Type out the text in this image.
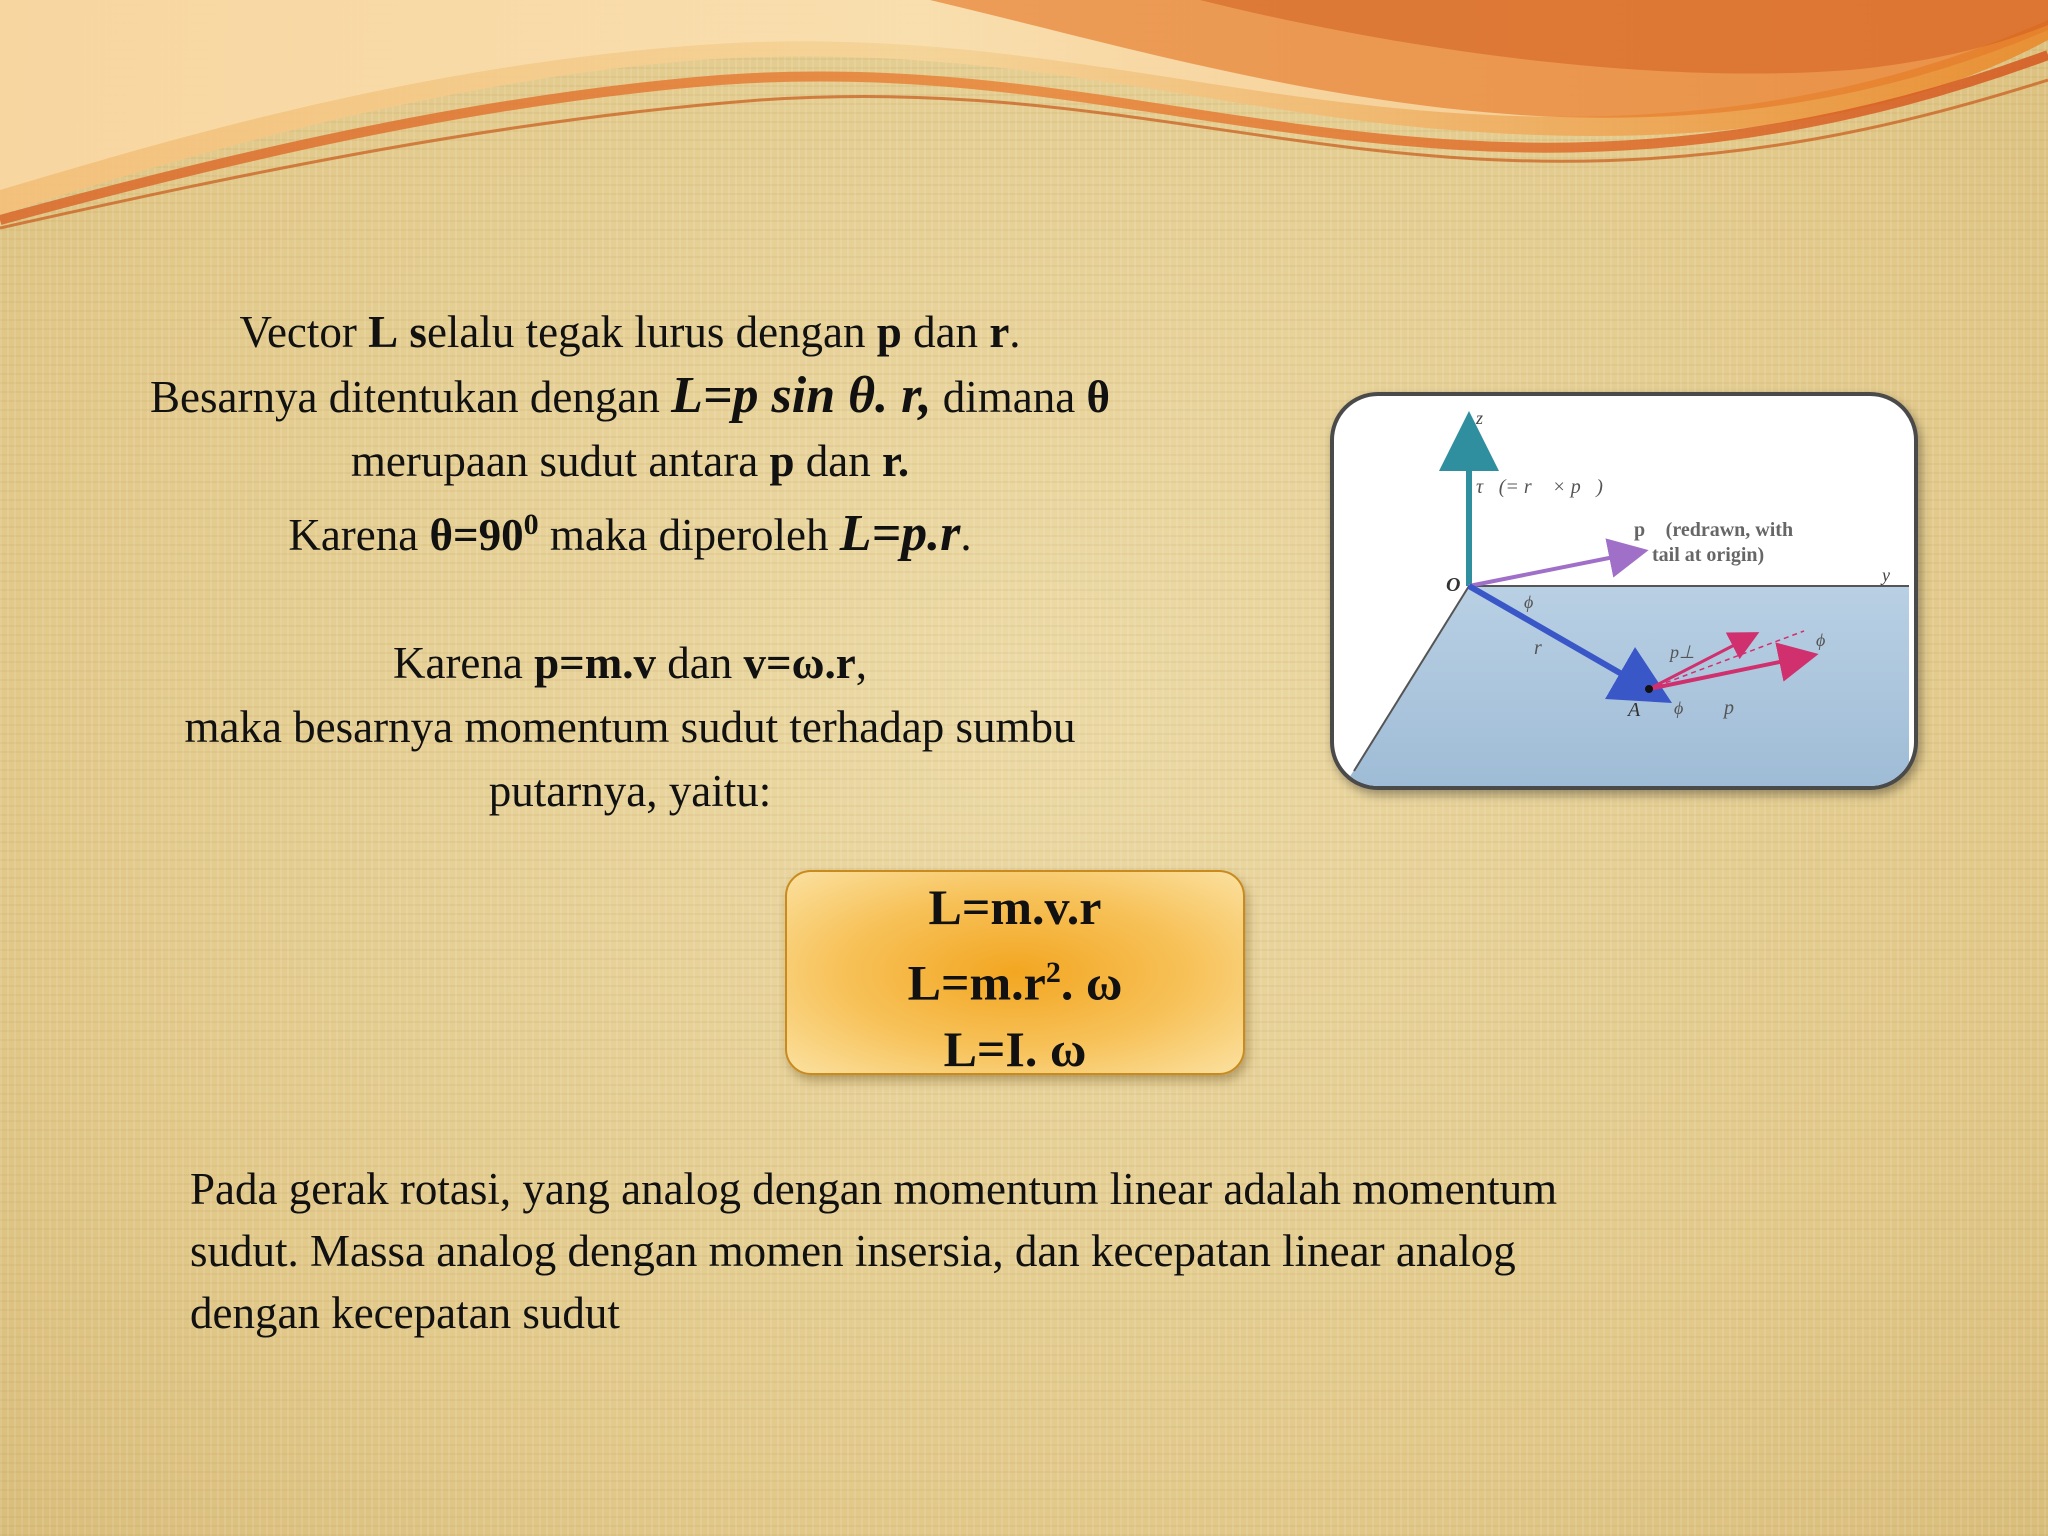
Vector L selalu tegak lurus dengan p dan r.

Besarnya ditentukan dengan L=p sin θ. r, dimana θ

merupaan sudut antara p dan r.

Karena $\theta=90^0$ maka diperoleh L=p.r.

Karena p=m.v dan v=ω.r,

maka besarnya momentum sudut terhadap sumbu

putarnya, yaitu:

z
y
O
A
τ⃗(= r⃗ × p⃗)
p⃗ (redrawn, with
tail at origin)
r⃗
p⃗
p⊥
ϕ
ϕ
ϕ
L=m.v.r
$L=m.r^2$. ω
L=I. ω
Pada gerak rotasi, yang analog dengan momentum linear adalah momentum
sudut. Massa analog dengan momen insersia, dan kecepatan linear analog
dengan kecepatan sudut
